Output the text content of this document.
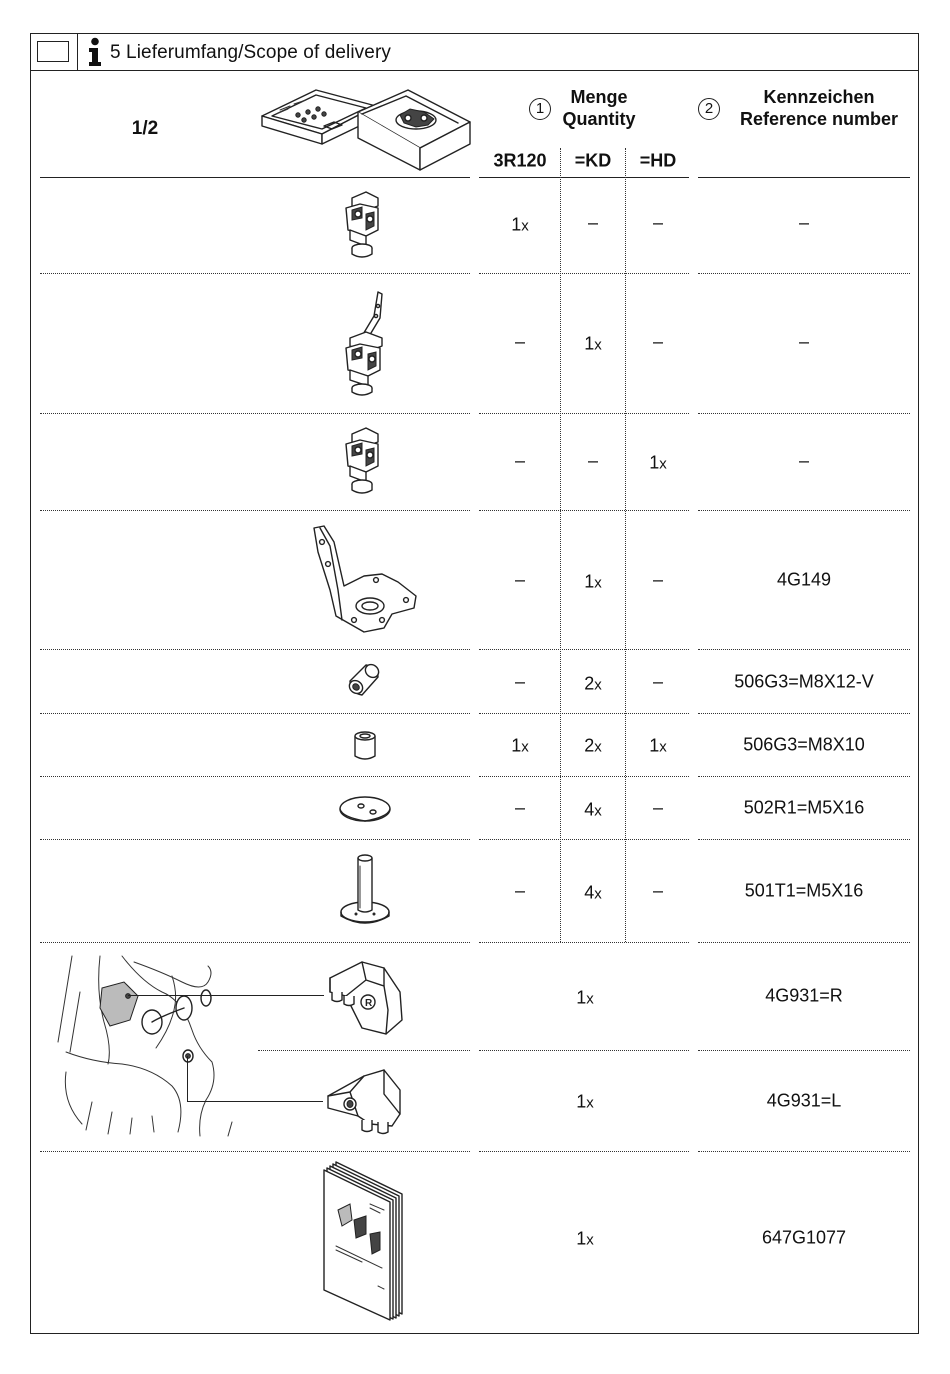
5 Lieferumfang/Scope of delivery
1/2
1
Menge
Quantity
2
Kennzeichen
Reference number
3R120 =KD =HD
1x	–	–	–
–	1x	–	–
–	–	1x	–
–	1x	–	4G149
–	2x	–	506G3=M8X12-V
1x	2x	1x	506G3=M8X10
–	4x	–	502R1=M5X16
–	4x	–	501T1=M5X16
R	1x	4G931=R
1x	4G931=L
1x	647G1077
